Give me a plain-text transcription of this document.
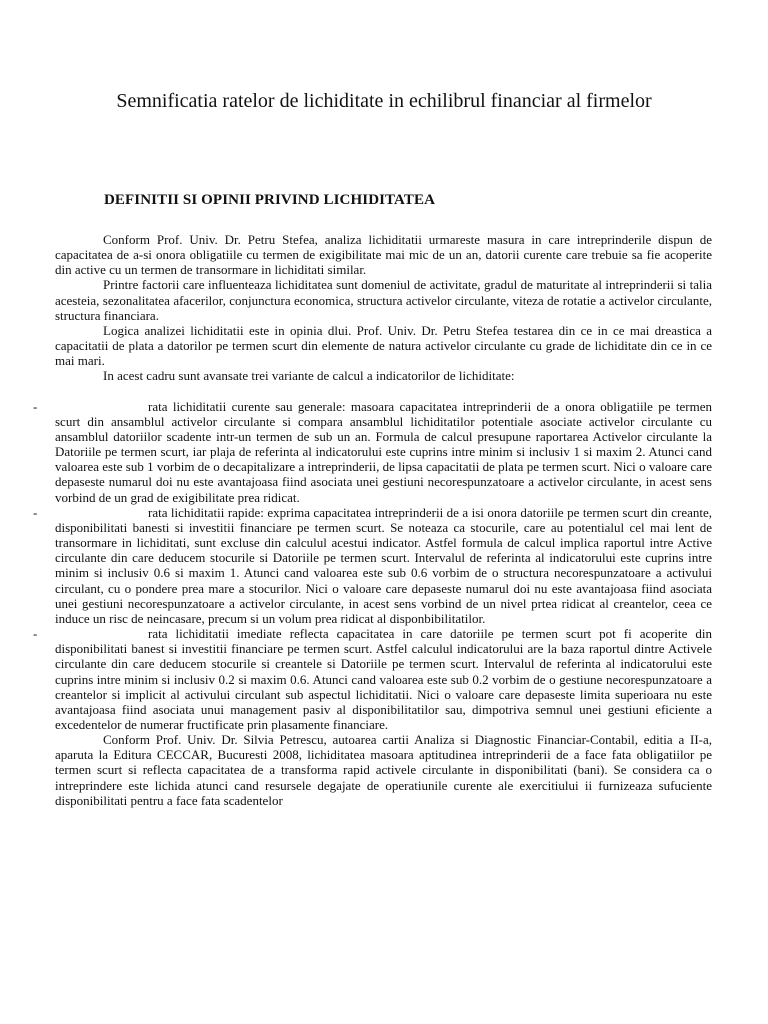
Semnificatia ratelor de lichiditate in echilibrul financiar al firmelor
DEFINITII SI OPINII PRIVIND LICHIDITATEA

Conform Prof. Univ. Dr. Petru Stefea, analiza lichiditatii urmareste masura in care intreprinderile dispun de capacitatea de a-si onora obligatiile cu termen de exigibilitate mai mic de un an, datorii curente care trebuie sa fie acoperite din active cu un termen de transormare in lichiditati similar.

Printre factorii care influenteaza lichiditatea sunt domeniul de activitate, gradul de maturitate al intreprinderii si talia acesteia, sezonalitatea afacerilor, conjunctura economica, structura activelor circulante, viteza de rotatie a activelor circulante, structura financiara.

Logica analizei lichiditatii este in opinia dlui. Prof. Univ. Dr. Petru Stefea testarea din ce in ce mai dreastica a capacitatii de plata a datorilor pe termen scurt din elemente de natura activelor circulante cu grade de lichiditate din ce in ce mai mari.

In acest cadru sunt avansate trei variante de calcul a indicatorilor de lichiditate:

-	rata lichiditatii curente sau generale: masoara capacitatea intreprinderii de a onora obligatiile pe termen scurt din ansamblul activelor circulante si compara ansamblul lichiditatilor potentiale asociate activelor circulante cu ansamblul datoriilor scadente intr-un termen de sub un an. Formula de calcul presupune raportarea Activelor circulante la Datoriile pe termen scurt, iar plaja de referinta al indicatorului este cuprins intre minim si inclusiv 1 si maxim 2. Atunci cand valoarea este sub 1 vorbim de o decapitalizare a intreprinderii, de lipsa capacitatii de plata pe termen scurt. Nici o valoare care depaseste numarul doi nu este avantajoasa fiind asociata unei gestiuni necorespunzatoare a activelor circulante, in acest sens vorbind de un grad de exigibilitate prea ridicat.
-	rata lichiditatii rapide: exprima capacitatea intreprinderii de a isi onora datoriile pe termen scurt din creante, disponibilitati banesti si investitii financiare pe termen scurt. Se noteaza ca stocurile, care au potentialul cel mai lent de transormare in lichiditati, sunt excluse din calculul acestui indicator. Astfel formula de calcul implica raportul intre Active circulante din care deducem stocurile si Datoriile pe termen scurt. Intervalul de referinta al indicatorului este cuprins intre minim si inclusiv 0.6 si maxim 1. Atunci cand valoarea este sub 0.6 vorbim de o structura necorespunzatoare a activului circulant, cu o pondere prea mare a stocurilor. Nici o valoare care depaseste numarul doi nu este avantajoasa fiind asociata unei gestiuni necorespunzatoare a activelor circulante, in acest sens vorbind de un nivel prtea ridicat al creantelor, ceea ce induce un risc de neincasare, precum si un volum prea ridicat al disponbibilitatilor.
-	rata lichiditatii imediate reflecta capacitatea in care datoriile pe termen scurt pot fi acoperite din disponibilitati banest si investitii financiare pe termen scurt. Astfel calculul indicatorului are la baza raportul dintre Activele circulante din care deducem stocurile si creantele si Datoriile pe termen scurt. Intervalul de referinta al indicatorului este cuprins intre minim si inclusiv 0.2 si maxim 0.6. Atunci cand valoarea este sub 0.2 vorbim de o gestiune necorespunzatoare a creantelor si implicit al activului circulant sub aspectul lichiditatii. Nici o valoare care depaseste limita superioara nu este avantajoasa fiind asociata unui management pasiv al disponibilitatilor sau, dimpotriva semnul unei gestiuni eficiente a excedentelor de numerar fructificate prin plasamente financiare.

Conform Prof. Univ. Dr. Silvia Petrescu, autoarea cartii Analiza si Diagnostic Financiar-Contabil, editia a II-a, aparuta la Editura CECCAR, Bucuresti 2008, lichiditatea masoara aptitudinea intreprinderii de a face fata obligatiilor pe termen scurt si reflecta capacitatea de a transforma rapid activele circulante in disponibilitati (bani). Se considera ca o intreprindere este lichida atunci cand resursele degajate de operatiunile curente ale exercitiului ii furnizeaza sufuciente disponibilitati pentru a face fata scadentelor
